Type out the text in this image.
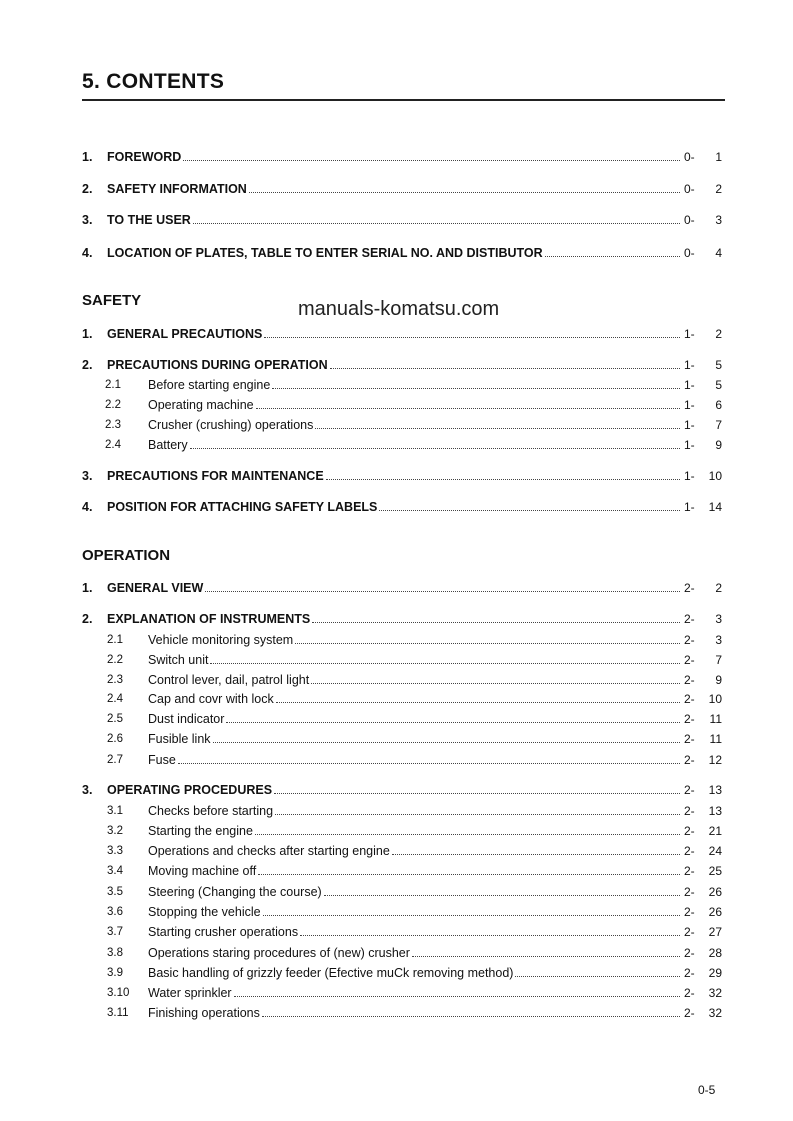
5. CONTENTS
SAFETY	manuals-komatsu.com
OPERATION
1.	FOREWORD	0- 1
2.	SAFETY INFORMATION	0- 2
3.	TO THE USER	0- 3
4.	LOCATION OF PLATES, TABLE TO ENTER SERIAL NO. AND DISTIBUTOR	0- 4
1.	GENERAL PRECAUTIONS	1- 2
2.	PRECAUTIONS DURING OPERATION	1- 5
2.1	Before starting engine	1- 5
2.2	Operating machine	1- 6
2.3	Crusher (crushing) operations	1- 7
2.4	Battery	1- 9
3.	PRECAUTIONS FOR MAINTENANCE	1- 10
4.	POSITION FOR ATTACHING SAFETY LABELS	1- 14
1.	GENERAL VIEW	2- 2
2.	EXPLANATION OF INSTRUMENTS	2- 3
2.1	Vehicle monitoring system	2- 3
2.2	Switch unit	2- 7
2.3	Control lever, dail, patrol light	2- 9
2.4	Cap and covr with lock	2- 10
2.5	Dust indicator	2- 11
2.6	Fusible link	2- 11
2.7	Fuse	2- 12
3.	OPERATING PROCEDURES	2- 13
3.1	Checks before starting	2- 13
3.2	Starting the engine	2- 21
3.3	Operations and checks after starting engine	2- 24
3.4	Moving machine off	2- 25
3.5	Steering (Changing the course)	2- 26
3.6	Stopping the vehicle	2- 26
3.7	Starting crusher operations	2- 27
3.8	Operations staring procedures of (new) crusher	2- 28
3.9	Basic handling of grizzly feeder (Efective muCk removing method)	2- 29
3.10	Water sprinkler	2- 32
3.11	Finishing operations	2- 32
0-5
